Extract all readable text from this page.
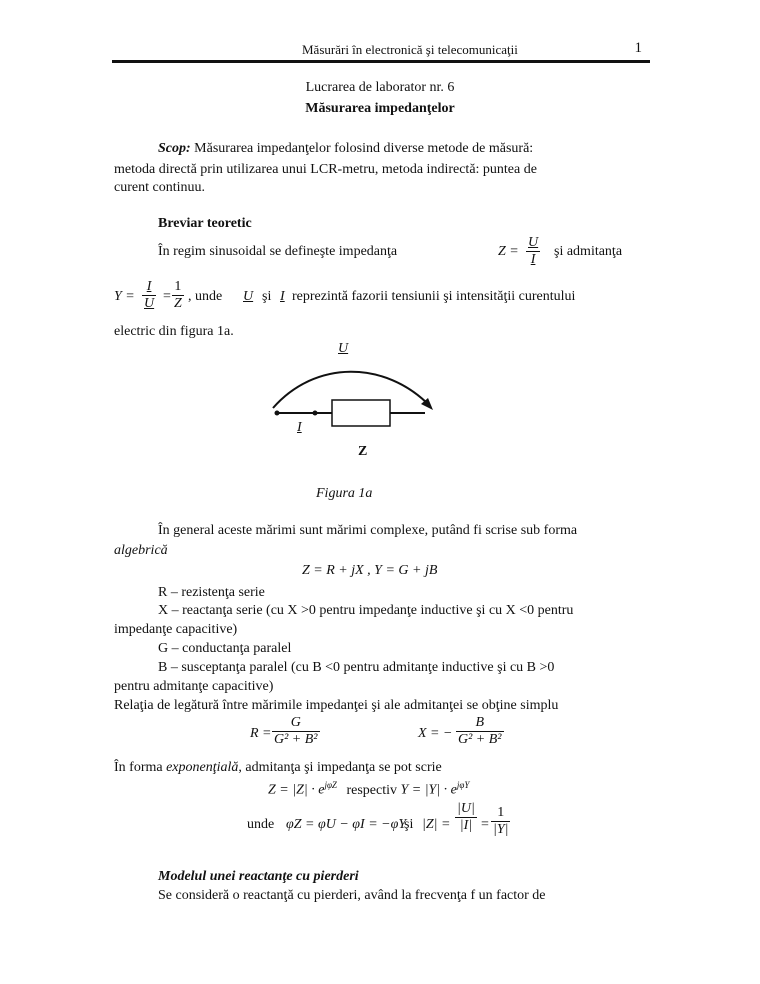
Măsurări în electronică şi telecomunicaţii	1
Lucrarea de laborator nr. 6
Măsurarea impedanţelor
Scop: Măsurarea impedanţelor folosind diverse metode de măsură:
metoda directă prin utilizarea unui LCR-metru, metoda indirectă: puntea de
curent continuu.
Breviar teoretic
În regim sinusoidal se defineşte impedanţa	$Z = \frac{U}{I}$ şi admitanţa
$Y = \frac{I}{U} = \frac{1}{Z}$ , unde U şi I reprezintă fazorii tensiunii şi intensităţii curentului
electric din figura 1a.
U
I
Z
Figura 1a
În general aceste mărimi sunt mărimi complexe, putând fi scrise sub forma
algebrică
Z = R + jX , Y = G + jB
R – rezistenţa serie
X – reactanţa serie (cu X >0 pentru impedanţe inductive şi cu X <0 pentru
impedanţe capacitive)
G – conductanţa paralel
B – susceptanţa paralel (cu B <0 pentru admitanţe inductive şi cu B >0
pentru admitanţe capacitive)
Relaţia de legătură între mărimile impedanţei şi ale admitanţei se obţine simplu
$R = \frac{G}{\text{G² + B²}}$	X = − $\frac{B}{\text{G² + B²}}$
În forma exponenţială, admitanţa şi impedanţa se pot scrie
$Z = |Z| \cdot e^{j\varphi Z}$ respectiv $Y = |Y| \cdot e^{j\varphi Y}$
unde φZ = φU − φI = −φY
şi $|Z| = \frac{|U|}{|I|} = \frac{1}{|Y|}$
Modelul unei reactanţe cu pierderi
Se consideră o reactanţă cu pierderi, având la frecvenţa f un factor de
